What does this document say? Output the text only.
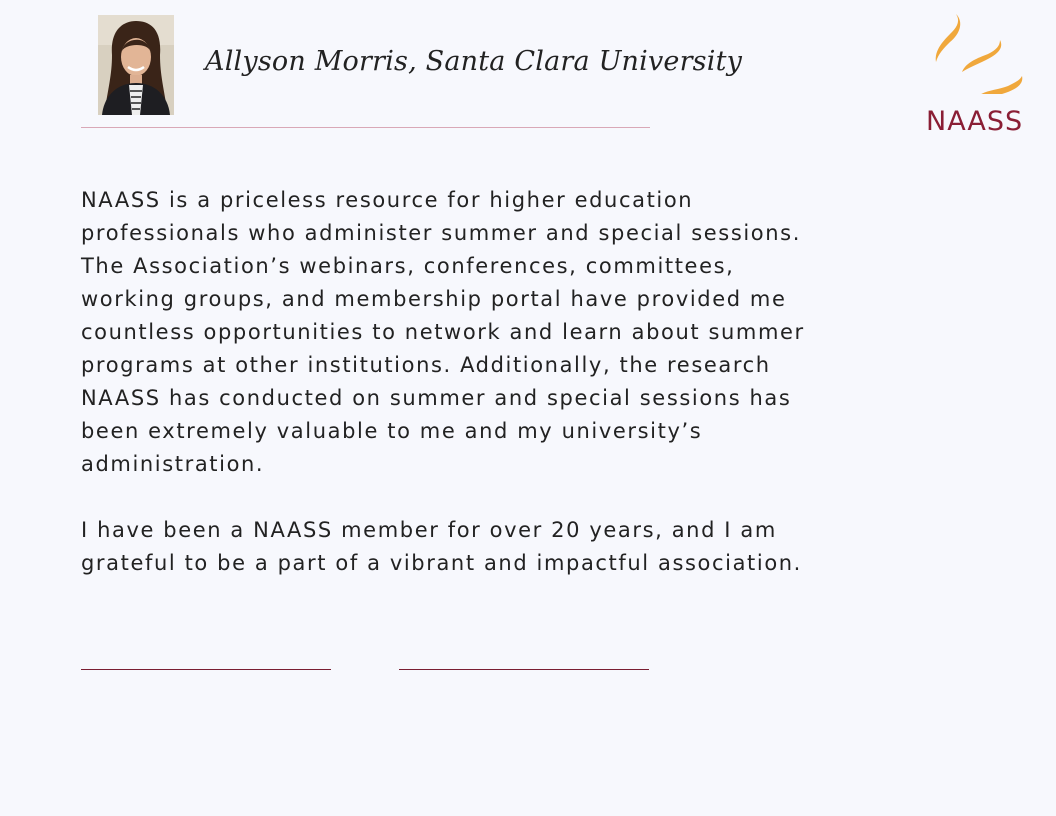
Allyson Morris, Santa Clara University
NAASS

NAASS is a priceless resource for higher education
professionals who administer summer and special sessions.
The Association’s webinars, conferences, committees,
working groups, and membership portal have provided me
countless opportunities to network and learn about summer
programs at other institutions. Additionally, the research
NAASS has conducted on summer and special sessions has
been extremely valuable to me and my university’s
administration.

I have been a NAASS member for over 20 years, and I am
grateful to be a part of a vibrant and impactful association.
